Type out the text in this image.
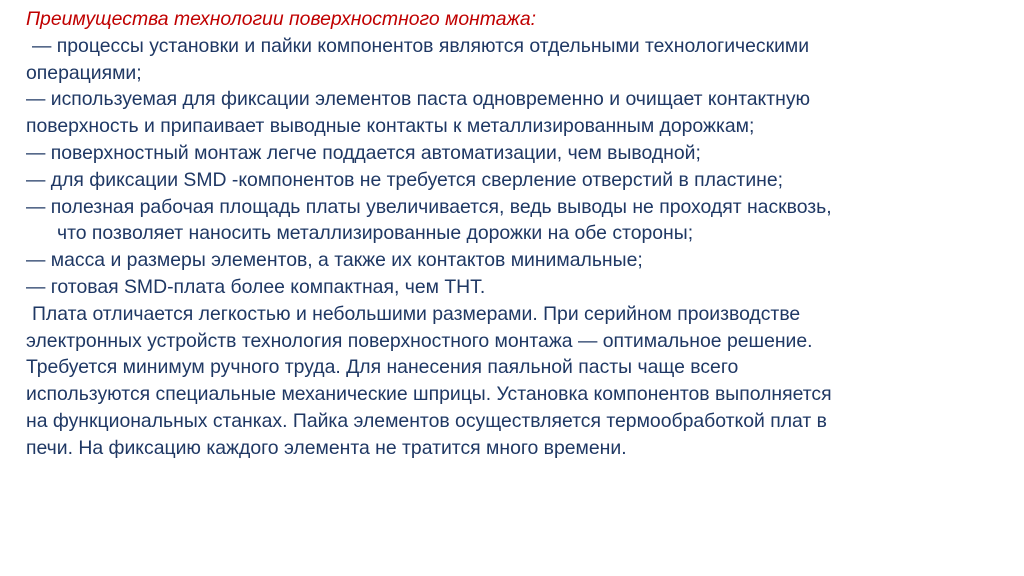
Преимущества технологии поверхностного монтажа:

— процессы установки и пайки компонентов являются отдельными технологическими

операциями;

— используемая для фиксации элементов паста одновременно и очищает контактную

поверхность и припаивает выводные контакты к металлизированным дорожкам;

— поверхностный монтаж легче поддается автоматизации, чем выводной;

— для фиксации SMD -компонентов не требуется сверление отверстий в пластине;

— полезная рабочая площадь платы увеличивается, ведь выводы не проходят насквозь,

что позволяет наносить металлизированные дорожки на обе стороны;

— масса и размеры элементов, а также их контактов минимальные;

— готовая SMD-плата более компактная, чем ТНТ.

Плата отличается легкостью и небольшими размерами. При серийном производстве

электронных устройств технология поверхностного монтажа — оптимальное решение.

Требуется минимум ручного труда. Для нанесения паяльной пасты чаще всего

используются специальные механические шприцы. Установка компонентов выполняется

на функциональных станках. Пайка элементов осуществляется термообработкой плат в

печи. На фиксацию каждого элемента не тратится много времени.
